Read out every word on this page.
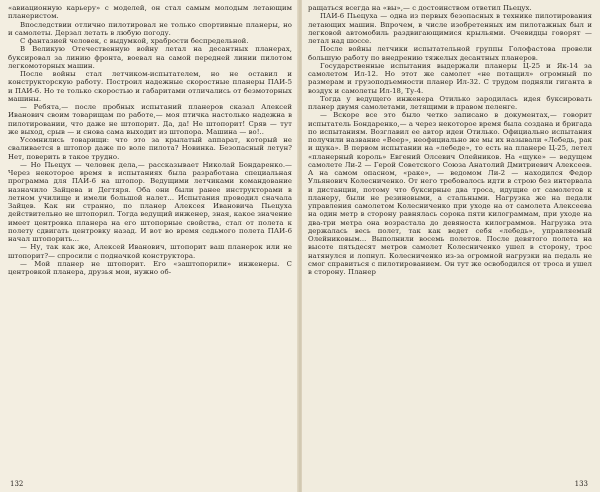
«авиационную карьеру» с моделей, он стал самым молодым летающим планеристом.

Впоследствии отлично пилотировал не только спортивные планеры, но и самолеты. Дерзал летать в любую погоду.

С фантазией человек, с выдумкой, храбрости беспредельной.

В Великую Отечественную войну летал на десантных планерах, буксировал за линию фронта, воевал на самой передней линии пилотом легкомоторных машин.

После войны стал летчиком-испытателем, но не оставил и конструкторскую работу. Построил надежные скоростные планеры ПАИ-5 и ПАИ-6. Но те только скоростью и габаритами отличались от безмоторных машины.

— Ребята,— после пробных испытаний планеров сказал Алексей Иванович своим товарищам по работе,— моя птичка настолько надежна в пилотировании, что даже не штопорит. Да, да! Не штопорит! Сряв — тут же выход, срыв — и снова сама выходит из штопора. Машина — во!..

Усомнились товарищи: что это за крылатый аппарат, который не сваливается в штопор даже по воле пилота? Новинка. Безопасный летун? Нет, поверить в такое трудно.

— Но Пьецух — человек дела,— рассказывает Николай Бондаренко.— Через некоторое время в испытаниях была разработана специальная программа для ПАИ-6 на штопор. Ведущими летчиками командование назначило Зайцева и Дегтяря. Оба они были ранее инструкторами в летном училище и имели большой налет... Испытания проводил сначала Зайцев. Как ни странно, по планер Алексея Ивановича Пьецуха действительно не штопорил. Тогда ведущий инженер, зная, какое значение имеет центровка планера на его штопорные свойства, стал от полета к полету сдвигать центровку назад. И вот во время седьмого полета ПАИ-6 начал штопорить...

— Ну, так как же, Алексей Иванович, штопорит ваш планерок или не штопорит?— спросили с подначкой конструктора.

— Мой планер не штопорит. Его «заштопорили» инженеры. С центровкой планера, друзья мои, нужно об-

132

ращаться всегда на «вы»,— с достоинством ответил Пьецух.

ПАИ-6 Пьецуха — одна из первых безопасных в технике пилотирования летающих машин. Впрочем, в числе изобретенных им пилотажных был и легковой автомобиль раздвигающимися крыльями. Очевидцы говорят — летал над шоссе.

После войны летчики испытательной группы Голофастова провели большую работу по внедрению тяжелых десантных планеров.

Государственные испытания выдержали планеры Ц-25 и Як-14 за самолетом Ил-12. Но этот же самолет «не потащил» огромный по размерам и грузоподъемности планер Ил-32. С трудом подняли гиганта в воздух и самолеты Ил-18, Ту-4.

Тогда у ведущего инженера Отилько зародилась идея буксировать планер двумя самолетами, летящими в правом пеленге.

— Вскоре все это было четко записано в документах,— говорит испытатель Бондаренко,— а через некоторое время была создана и бригада по испытаниям. Возглавил ее автор идеи Отилько. Официально испытания получили название «Веер», неофициально же мы их называли «Лебедь, рак и щука». В первом испытании на «лебеде», то есть на планере Ц-25, летел «планерный король» Евгений Олсевич Олейников. На «щуке» — ведущем самолете Ли-2 — Герой Советского Союза Анатолий Дмитриевич Алексеев. А на самом опасном, «раке», — ведомом Ли-2 — находился Федор Ульянович Колесниченко. От него требовалось идти в строю без интервала и дистанции, потому что буксирные два троса, идущие от самолетов к планеру, были не резиновыми, а стальными. Нагрузка же на педали управления самолетом Колесниченко при уходе на от самолета Алексеева на один метр в сторону равнялась сорока пяти килограммам, при уходе на два-три метра она возрастала до девяноста килограммов. Нагрузка эта держалась весь полет, так как ведет себя «лебедь», управляемый Олейниковым... Выполнили восемь полетов. После девятого полета на высоте пятьдесят метров самолет Колесниченко ушел в сторону, трос натянулся и лопнул. Колесниченко из-за огромной нагрузки на педаль не смог справиться с пилотированием. Он тут же освободился от троса и ушел в сторону. Планер

133
